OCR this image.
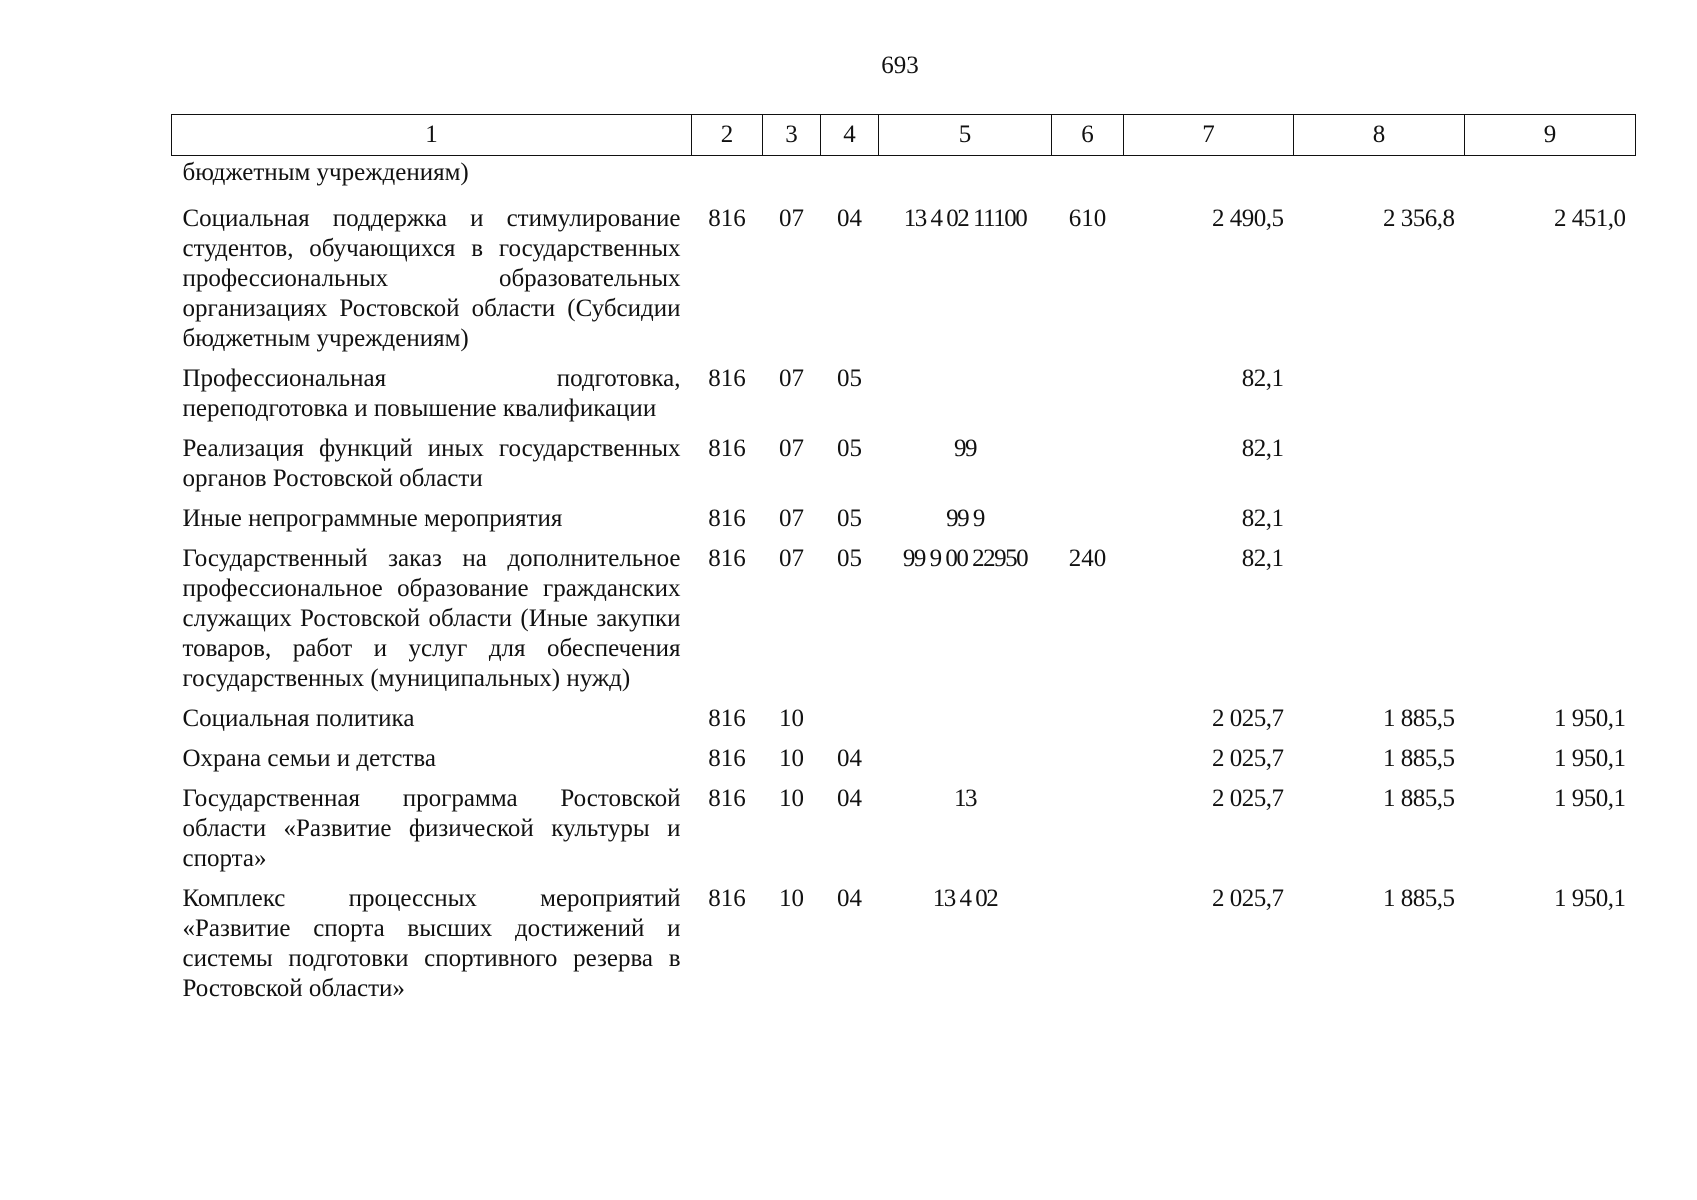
693
1	2	3	4	5	6	7	8	9
бюджетным учреждениям)								
Социальная поддержка и стимулирование студентов, обучающихся в государственных профессиональных образовательных организациях Ростовской области (Субсидии бюджетным учреждениям)	816	07	04	13 4 02 11100	610	2 490,5	2 356,8	2 451,0
Профессиональная подготовка, переподготовка и повышение квалификации	816	07	05			82,1		
Реализация функций иных государственных органов Ростовской области	816	07	05	99		82,1		
Иные непрограммные мероприятия	816	07	05	99 9		82,1		
Государственный заказ на дополнительное профессиональное образование гражданских служащих Ростовской области (Иные закупки товаров, работ и услуг для обеспечения государственных (муниципальных) нужд)	816	07	05	99 9 00 22950	240	82,1		
Социальная политика	816	10				2 025,7	1 885,5	1 950,1
Охрана семьи и детства	816	10	04			2 025,7	1 885,5	1 950,1
Государственная программа Ростовской области «Развитие физической культуры и спорта»	816	10	04	13		2 025,7	1 885,5	1 950,1
Комплекс процессных мероприятий «Развитие спорта высших достижений и системы подготовки спортивного резерва в Ростовской области»	816	10	04	13 4 02		2 025,7	1 885,5	1 950,1
